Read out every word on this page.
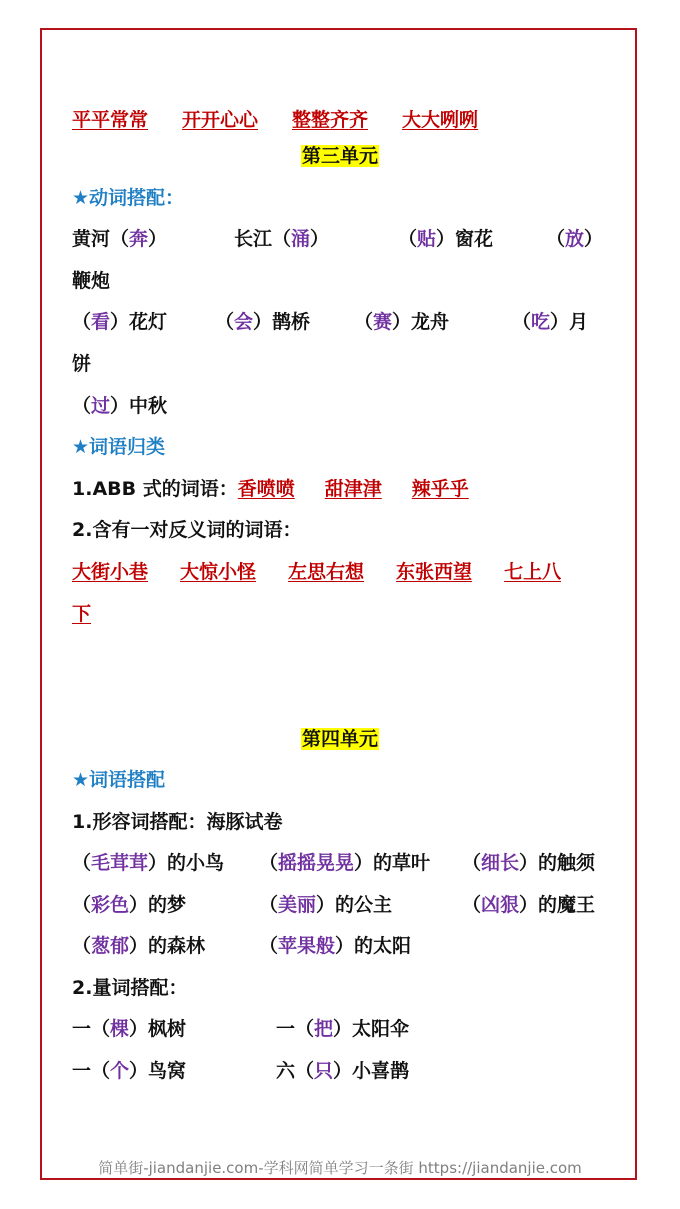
平平常常 开开心心 整整齐齐 大大咧咧
第三单元
★动词搭配：
黄河（奔）	长江（涌）	（贴）窗花	（放）
鞭炮
（看）花灯	（会）鹊桥 （赛）龙舟	（吃）月
饼
（过）中秋
★词语归类
1.ABB 式的词语：香喷喷 甜津津 辣乎乎
2.含有一对反义词的词语：
大街小巷 大惊小怪 左思右想 东张西望 七上八
下
第四单元
★词语搭配
1.形容词搭配：海豚试卷
（毛茸茸）的小鸟 （摇摇晃晃）的草叶 （细长）的触须
（彩色）的梦	（美丽）的公主	（凶狠）的魔王
（葱郁）的森林	（苹果般）的太阳
2.量词搭配：
一（棵）枫树	一（把）太阳伞
一（个）鸟窝	六（只）小喜鹊
简单街-jiandanjie.com-学科网简单学习一条街 https://jiandanjie.com
